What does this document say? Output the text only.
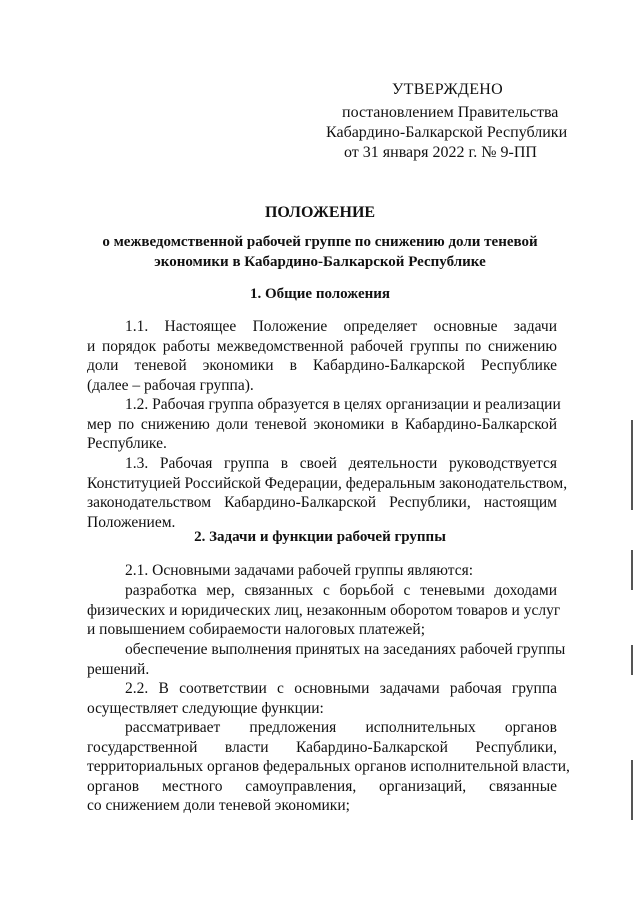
УТВЕРЖДЕНО
постановлением Правительства
Кабардино-Балкарской Республики
от 31 января 2022 г. № 9-ПП
ПОЛОЖЕНИЕ
о межведомственной рабочей группе по снижению доли теневой
экономики в Кабардино-Балкарской Республике
1. Общие положения
1.1. Настоящее Положение определяет основные задачи
и порядок работы межведомственной рабочей группы по снижению
доли теневой экономики в Кабардино-Балкарской Республике
(далее – рабочая группа).
1.2. Рабочая группа образуется в целях организации и реализации
мер по снижению доли теневой экономики в Кабардино-Балкарской
Республике.
1.3. Рабочая группа в своей деятельности руководствуется
Конституцией Российской Федерации, федеральным законодательством,
законодательством Кабардино-Балкарской Республики, настоящим
Положением.
2. Задачи и функции рабочей группы
2.1. Основными задачами рабочей группы являются:
разработка мер, связанных с борьбой с теневыми доходами
физических и юридических лиц, незаконным оборотом товаров и услуг
и повышением собираемости налоговых платежей;
обеспечение выполнения принятых на заседаниях рабочей группы
решений.
2.2. В соответствии с основными задачами рабочая группа
осуществляет следующие функции:
рассматривает предложения исполнительных органов
государственной власти Кабардино-Балкарской Республики,
территориальных органов федеральных органов исполнительной власти,
органов местного самоуправления, организаций, связанные
со снижением доли теневой экономики;
